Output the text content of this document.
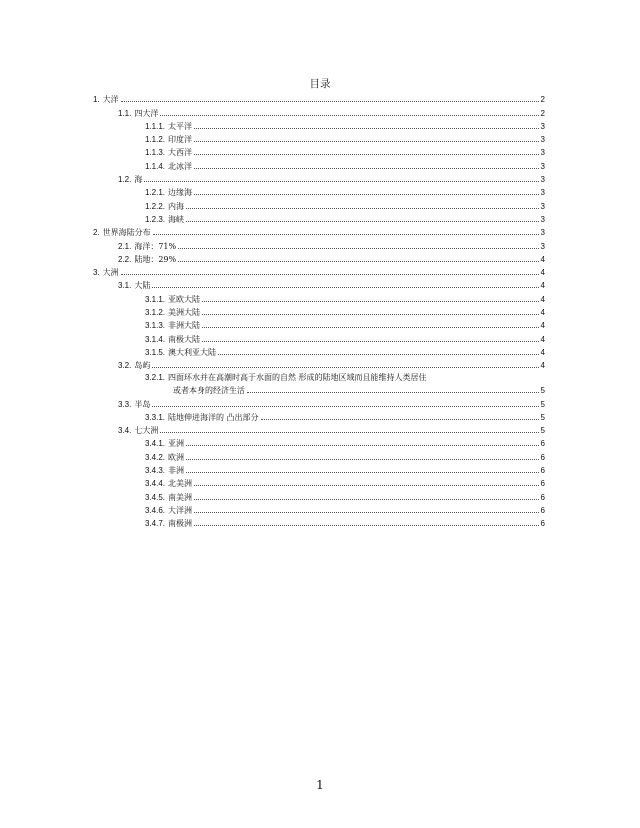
目录
1. 大洋	2
1.1. 四大洋	2
1.1.1. 太平洋	3
1.1.2. 印度洋	3
1.1.3. 大西洋	3
1.1.4. 北冰洋	3
1.2. 海	3
1.2.1. 边缘海	3
1.2.2. 内海	3
1.2.3. 海峡	3
2. 世界海陆分布	3
2.1. 海洋：71%	3
2.2. 陆地：29%	4
3. 大洲	4
3.1. 大陆	4
3.1.1. 亚欧大陆	4
3.1.2. 美洲大陆	4
3.1.3. 非洲大陆	4
3.1.4. 南极大陆	4
3.1.5. 澳大利亚大陆	4
3.2. 岛屿	4
3.2.1. 四面环水并在高潮时高于水面的自然 形成的陆地区域而且能维持人类居住
或者本身的经济生活	5
3.3. 半岛	5
3.3.1. 陆地伸进海洋的 凸出部分	5
3.4. 七大洲	5
3.4.1. 亚洲	6
3.4.2. 欧洲	6
3.4.3. 非洲	6
3.4.4. 北美洲	6
3.4.5. 南美洲	6
3.4.6. 大洋洲	6
3.4.7. 南极洲	6
1
